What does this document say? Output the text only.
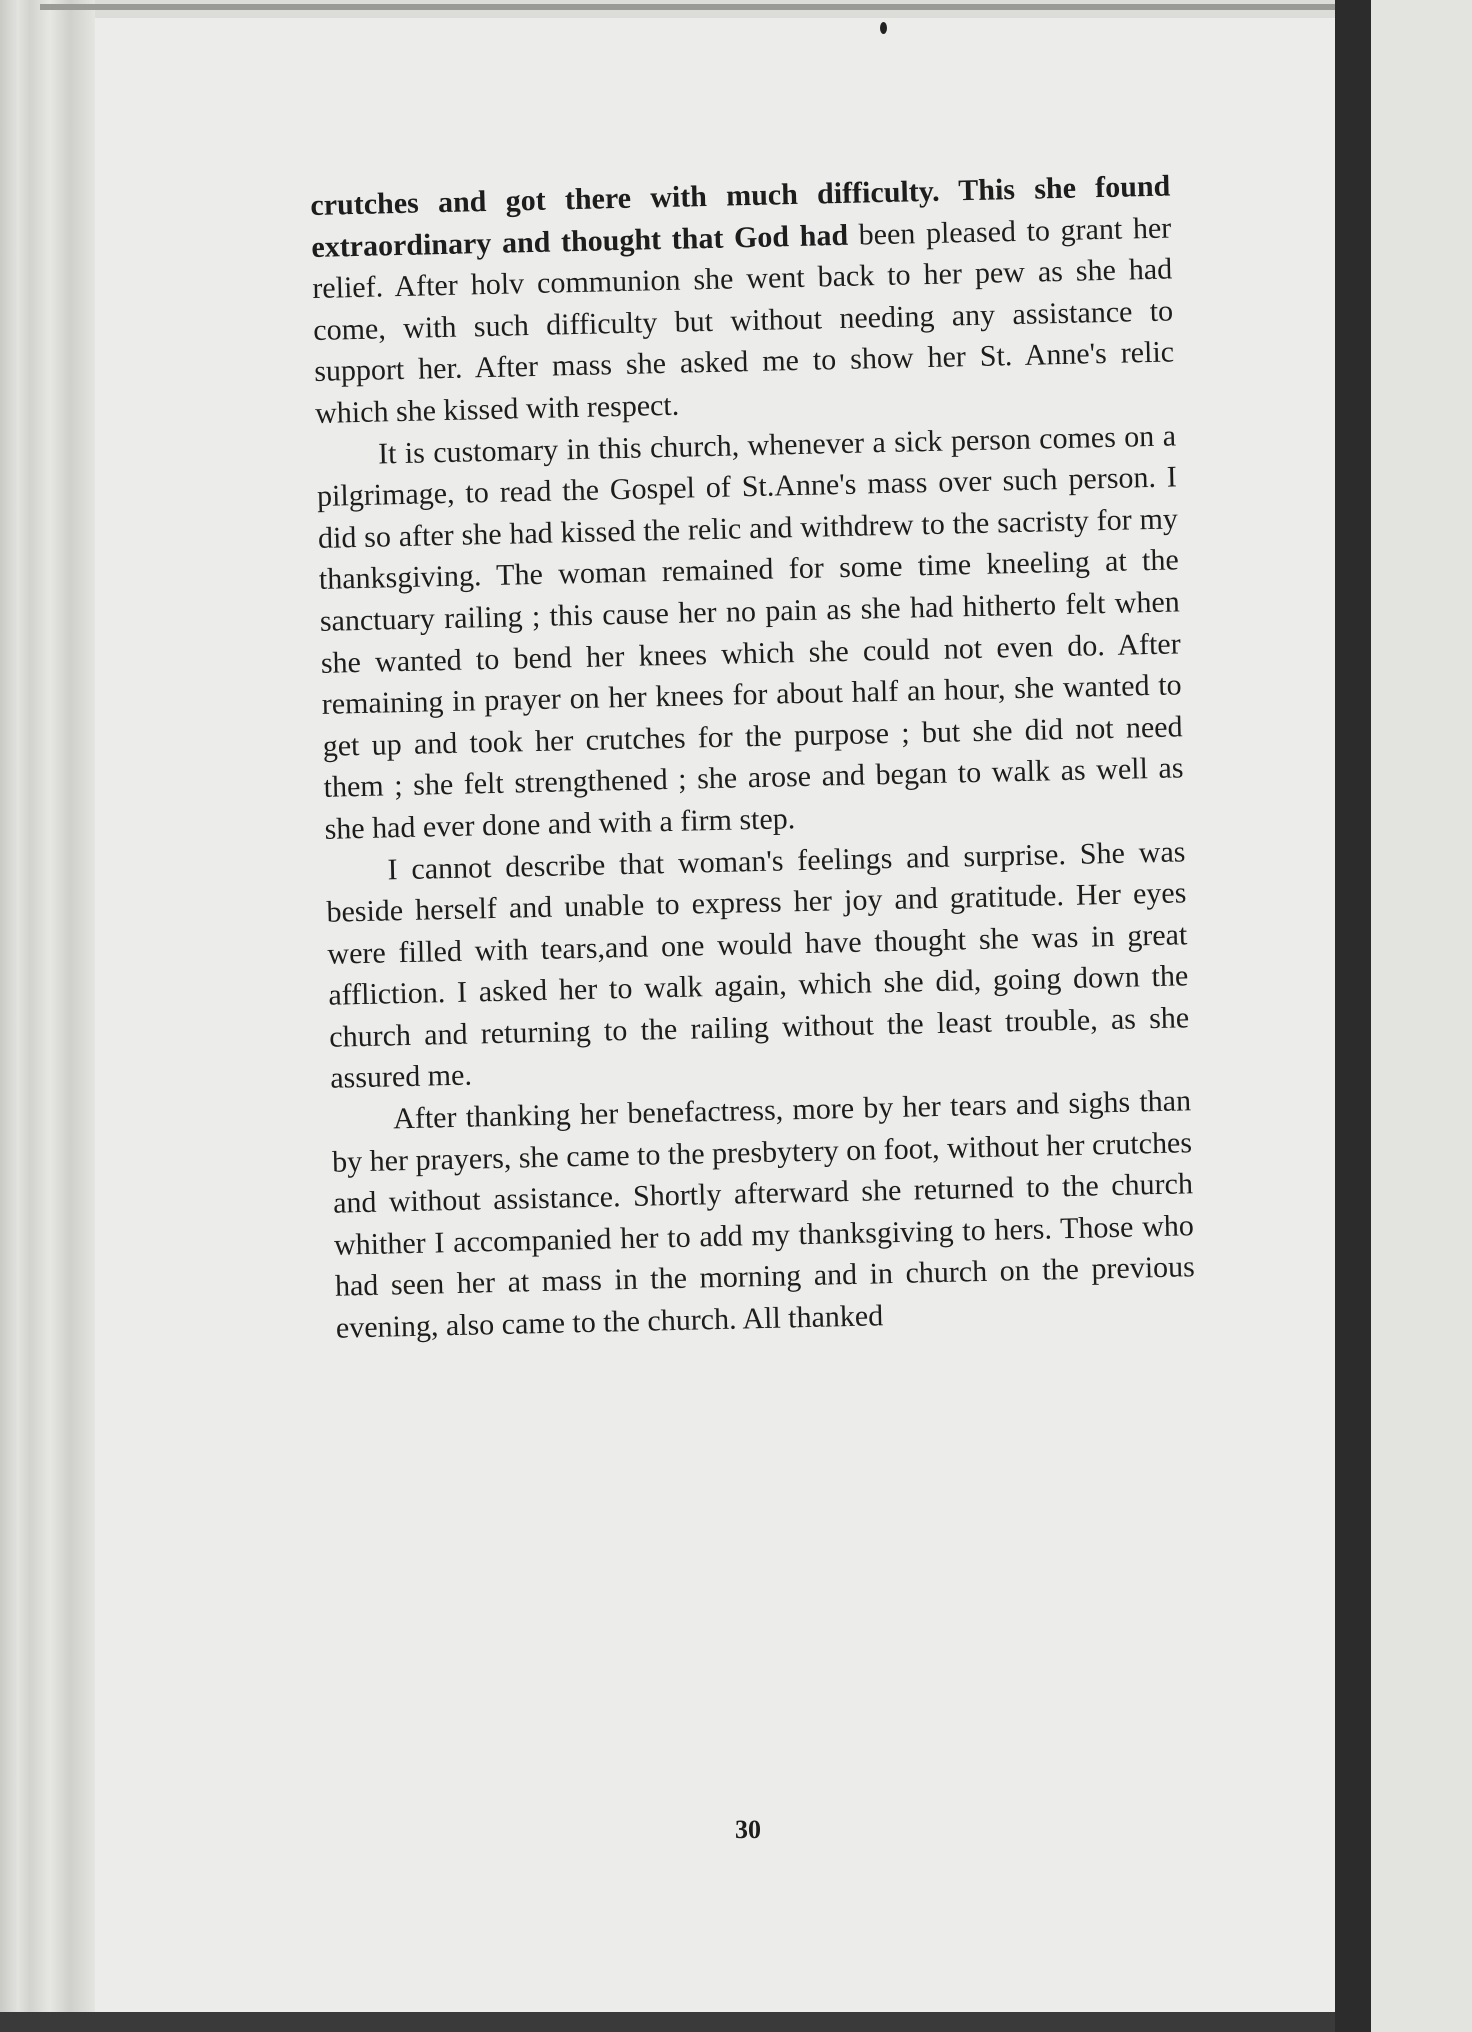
crutches and got there with much difficulty. This she found extraordinary and thought that God had been pleased to grant her relief. After holv communion she went back to her pew as she had come, with such difficulty but without needing any assistance to support her. After mass she asked me to show her St. Anne's relic which she kissed with respect.

It is customary in this church, whenever a sick person comes on a pilgrimage, to read the Gospel of St.Anne's mass over such person. I did so after she had kissed the relic and withdrew to the sacristy for my thanksgiving. The woman remained for some time kneeling at the sanctuary railing ; this cause her no pain as she had hitherto felt when she wanted to bend her knees which she could not even do. After remaining in prayer on her knees for about half an hour, she wanted to get up and took her crutches for the purpose ; but she did not need them ; she felt strengthened ; she arose and began to walk as well as she had ever done and with a firm step.

I cannot describe that woman's feelings and surprise. She was beside herself and unable to express her joy and gratitude. Her eyes were filled with tears,and one would have thought she was in great affliction. I asked her to walk again, which she did, going down the church and returning to the railing without the least trouble, as she assured me.

After thanking her benefactress, more by her tears and sighs than by her prayers, she came to the presbytery on foot, without her crutches and without assistance. Shortly afterward she returned to the church whither I accompanied her to add my thanksgiving to hers. Those who had seen her at mass in the morning and in church on the previous evening, also came to the church. All thanked

30
